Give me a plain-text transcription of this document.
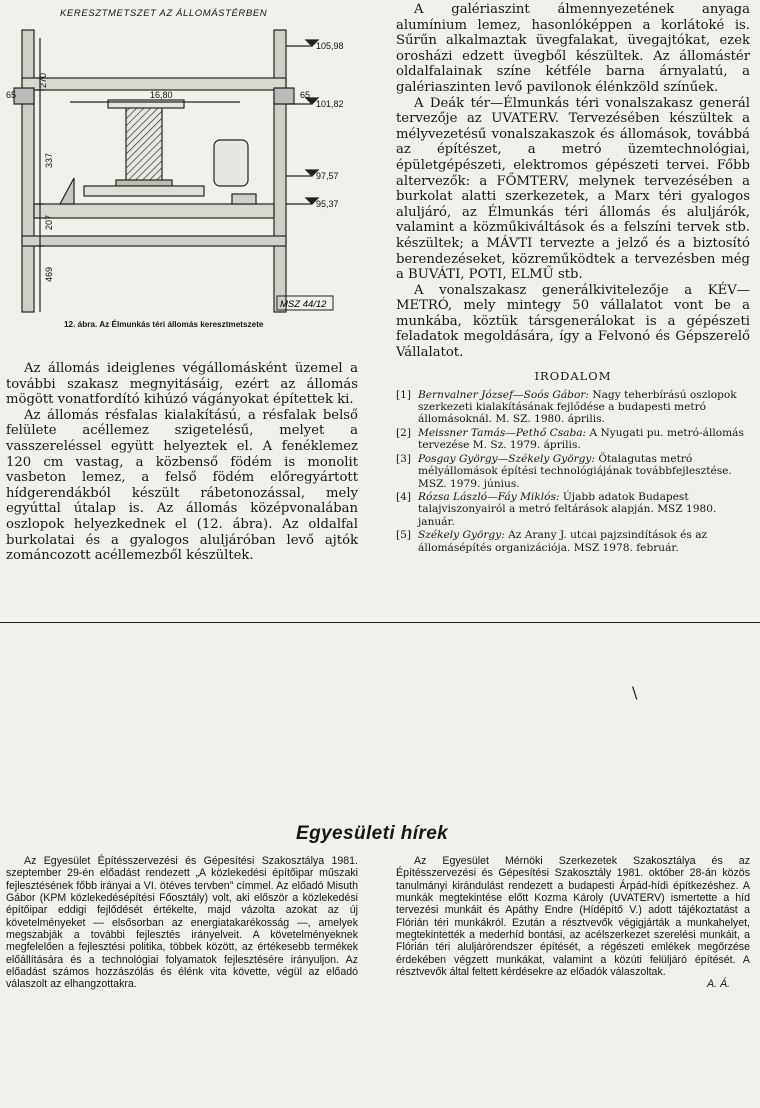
KERESZTMETSZET AZ ÁLLOMÁSTÉRBEN
105,98
101,82
97,57
95,37
65
270
16,80	65
337
207
469
MSZ 44/12
12. ábra. Az Élmunkás téri állomás keresztmetszete

Az állomás ideiglenes végállomásként üzemel a további szakasz megnyitásáig, ezért az állomás mögött vonatfordító kihúzó vágányokat építettek ki.

Az állomás résfalas kialakítású, a résfalak belső felülete acéllemez szigetelésű, melyet a vasszereléssel együtt helyeztek el. A fenéklemez 120 cm vastag, a közbenső födém is monolit vasbeton lemez, a felső födém előregyártott hídgerendákból készült rábetonozással, mely egyúttal útalap is. Az állomás középvonalában oszlopok helyezkednek el (12. ábra). Az oldalfal burkolatai és a gyalogos aluljáróban levő ajtók zománcozott acéllemezből készültek.

A galériaszint álmennyezetének anyaga alumínium lemez, hasonlóképpen a korlátoké is. Sűrűn alkalmaztak üvegfalakat, üvegajtókat, ezek orosházi edzett üvegből készültek. Az állomástér oldalfalainak színe kétféle barna árnyalatú, a galériaszinten levő pavilonok élénkzöld színűek.

A Deák tér—Élmunkás téri vonalszakasz generál tervezője az UVATERV. Tervezésében készültek a mélyvezetésű vonalszakaszok és állomások, továbbá az építészet, a metró üzemtechnológiai, épületgépészeti, elektromos gépészeti tervei. Főbb altervezők: a FŐMTERV, melynek tervezésében a burkolat alatti szerkezetek, a Marx téri gyalogos aluljáró, az Élmunkás téri állomás és aluljárók, valamint a közműkiváltások és a felszíni tervek stb. készültek; a MÁVTI tervezte a jelző és a biztosító berendezéseket, közreműködtek a tervezésben még a BUVÁTI, POTI, ELMŰ stb.

A vonalszakasz generálkivitelezője a KÉV—METRÓ, mely mintegy 50 vállalatot vont be a munkába, köztük társgenerálokat is a gépészeti feladatok megoldására, így a Felvonó és Gépszerelő Vállalatot.

IRODALOM

[1] Bernvalner József—Soós Gábor: Nagy teherbírású oszlopok szerkezeti kialakításának fejlődése a budapesti metró állomásoknál. M. SZ. 1980. április.

[2] Meissner Tamás—Pethő Csaba: A Nyugati pu. metró-állomás tervezése M. Sz. 1979. április.

[3] Posgay György—Székely György: Ötalagutas metró mélyállomások építési technológiájának továbbfejlesztése. MSZ. 1979. június.

[4] Rózsa László—Fáy Miklós: Újabb adatok Budapest talajviszonyairól a metró feltárások alapján. MSZ 1980. január.

[5] Székely György: Az Arany J. utcai pajzsindítások és az állomásépítés organizációja. MSZ 1978. február.

\
Egyesületi hírek

Az Egyesület Építésszervezési és Gépesítési Szakosztálya 1981. szeptember 29-én előadást rendezett „A közlekedési építőipar műszaki fejlesztésének főbb irányai a VI. ötéves tervben” címmel. Az előadó Misuth Gábor (KPM közlekedésépítési Főosztály) volt, aki először a közlekedési építőipar eddigi fejlődését értékelte, majd vázolta azokat az új követelményeket — elsősorban az energiatakarékosság —, amelyek megszabják a további fejlesztés irányelveit. A követelményeknek megfelelően a fejlesztési politika, többek között, az értékesebb termékek előállítására és a technológiai folyamatok fejlesztésére irányuljon. Az előadást számos hozzászólás és élénk vita követte, végül az előadó válaszolt az elhangzottakra.

Az Egyesület Mérnöki Szerkezetek Szakosztálya és az Építésszervezési és Gépesítési Szakosztály 1981. október 28-án közös tanulmányi kirándulást rendezett a budapesti Árpád-hídi építkezéshez. A munkák megtekintése előtt Kozma Károly (UVATERV) ismertette a híd tervezési munkáit és Apáthy Endre (Hídépítő V.) adott tájékoztatást a Flórián téri munkákról. Ezután a résztvevők végigjárták a munkahelyet, megtekintették a mederhíd bontási, az acélszerkezet szerelési munkáit, a Flórián téri aluljárórendszer építését, a régészeti emlékek megőrzése érdekében végzett munkákat, valamint a közúti felüljáró építését. A résztvevők által feltett kérdésekre az előadók válaszoltak.

A. Á.
